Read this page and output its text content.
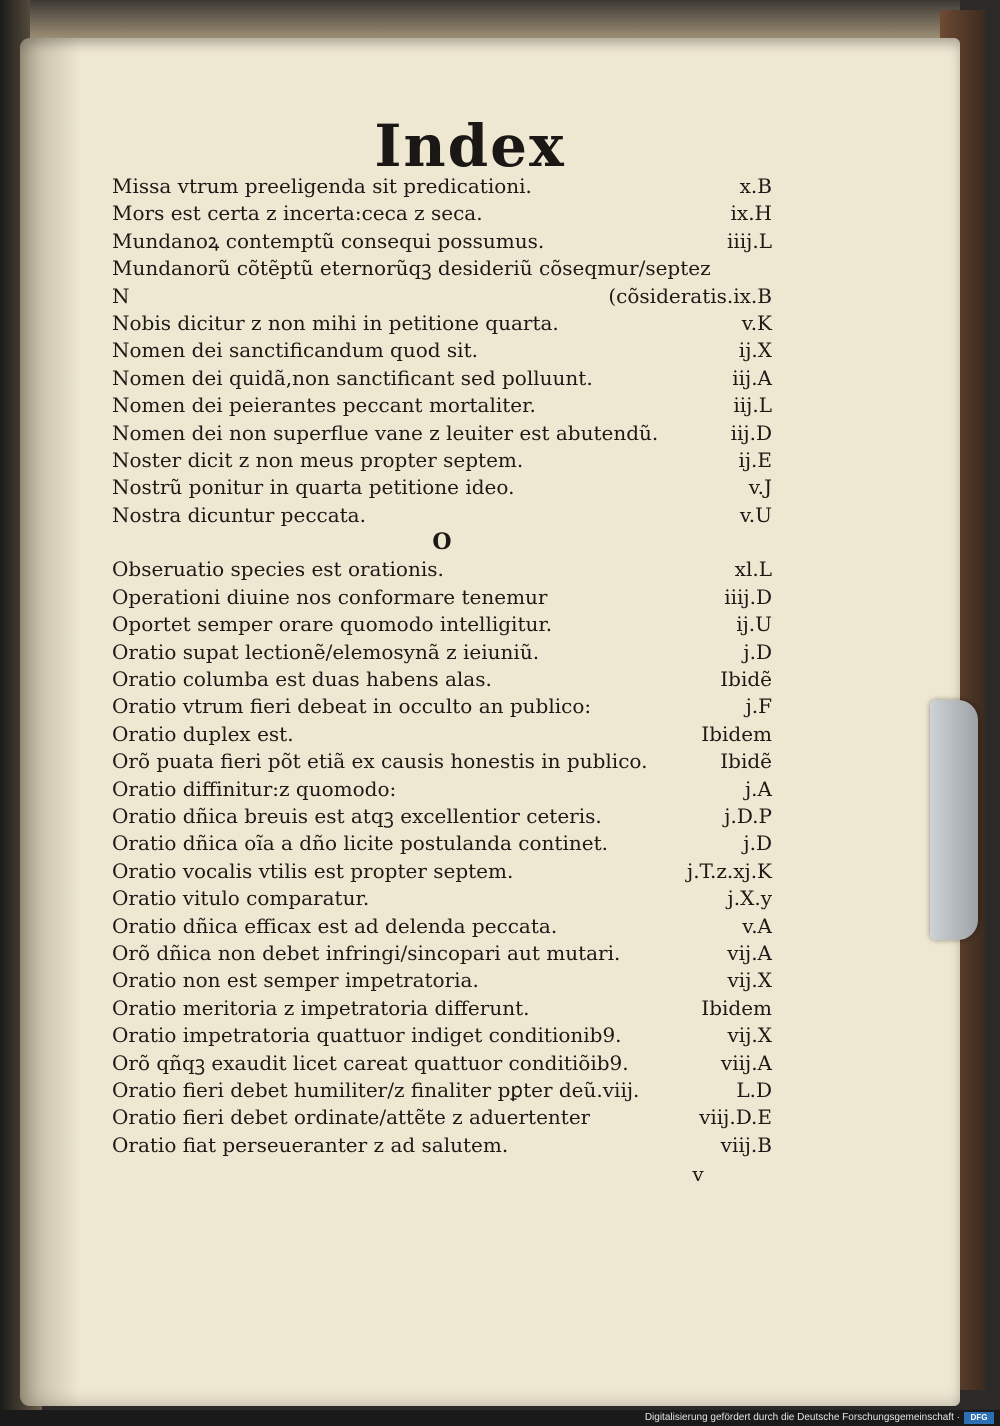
Index
Missa vtrum preeligenda sit predicationi.	x.B
Mors est certa z incerta:ceca z seca.	ix.H
Mundanoꝝ contemptũ consequi possumus.	iiij.L
Mundanorũ cõtẽptũ eternorũqꝫ desideriũ cõseqmur/septez
N	(cõsideratis.ix.B
Nobis dicitur z non mihi in petitione quarta.	v.K
Nomen dei sanctificandum quod sit.	ij.X
Nomen dei quidã,non sanctificant sed polluunt.	iij.A
Nomen dei peierantes peccant mortaliter.	iij.L
Nomen dei non superflue vane z leuiter est abutendũ.	iij.D
Noster dicit z non meus propter septem.	ij.E
Nostrũ ponitur in quarta petitione ideo.	v.J
Nostra dicuntur peccata.	v.U
O
Obseruatio species est orationis.	xl.L
Operationi diuine nos conformare tenemur	iiij.D
Oportet semper orare quomodo intelligitur.	ij.U
Oratio supat lectionẽ/elemosynã z ieiuniũ.	j.D
Oratio columba est duas habens alas.	Ibidẽ
Oratio vtrum fieri debeat in occulto an publico:	j.F
Oratio duplex est.	Ibidem
Orõ puata fieri põt etiã ex causis honestis in publico.	Ibidẽ
Oratio diffinitur:z quomodo:	j.A
Oratio dñica breuis est atqꝫ excellentior ceteris.	j.D.P
Oratio dñica oĩa a dño licite postulanda continet.	j.D
Oratio vocalis vtilis est propter septem.	j.T.z.xj.K
Oratio vitulo comparatur.	j.X.y
Oratio dñica efficax est ad delenda peccata.	v.A
Orõ dñica non debet infringi/sincopari aut mutari.	vij.A
Oratio non est semper impetratoria.	vij.X
Oratio meritoria z impetratoria differunt.	Ibidem
Oratio impetratoria quattuor indiget conditionib9.	vij.X
Orõ qñqꝫ exaudit licet careat quattuor conditiõib9.	viij.A
Oratio fieri debet humiliter/z finaliter pꝑter deũ.viij.	L.D
Oratio fieri debet ordinate/attẽte z aduertenter	viij.D.E
Oratio fiat perseueranter z ad salutem.	viij.B
v
Digitalisierung gefördert durch die Deutsche Forschungsgemeinschaft ·	DFG
